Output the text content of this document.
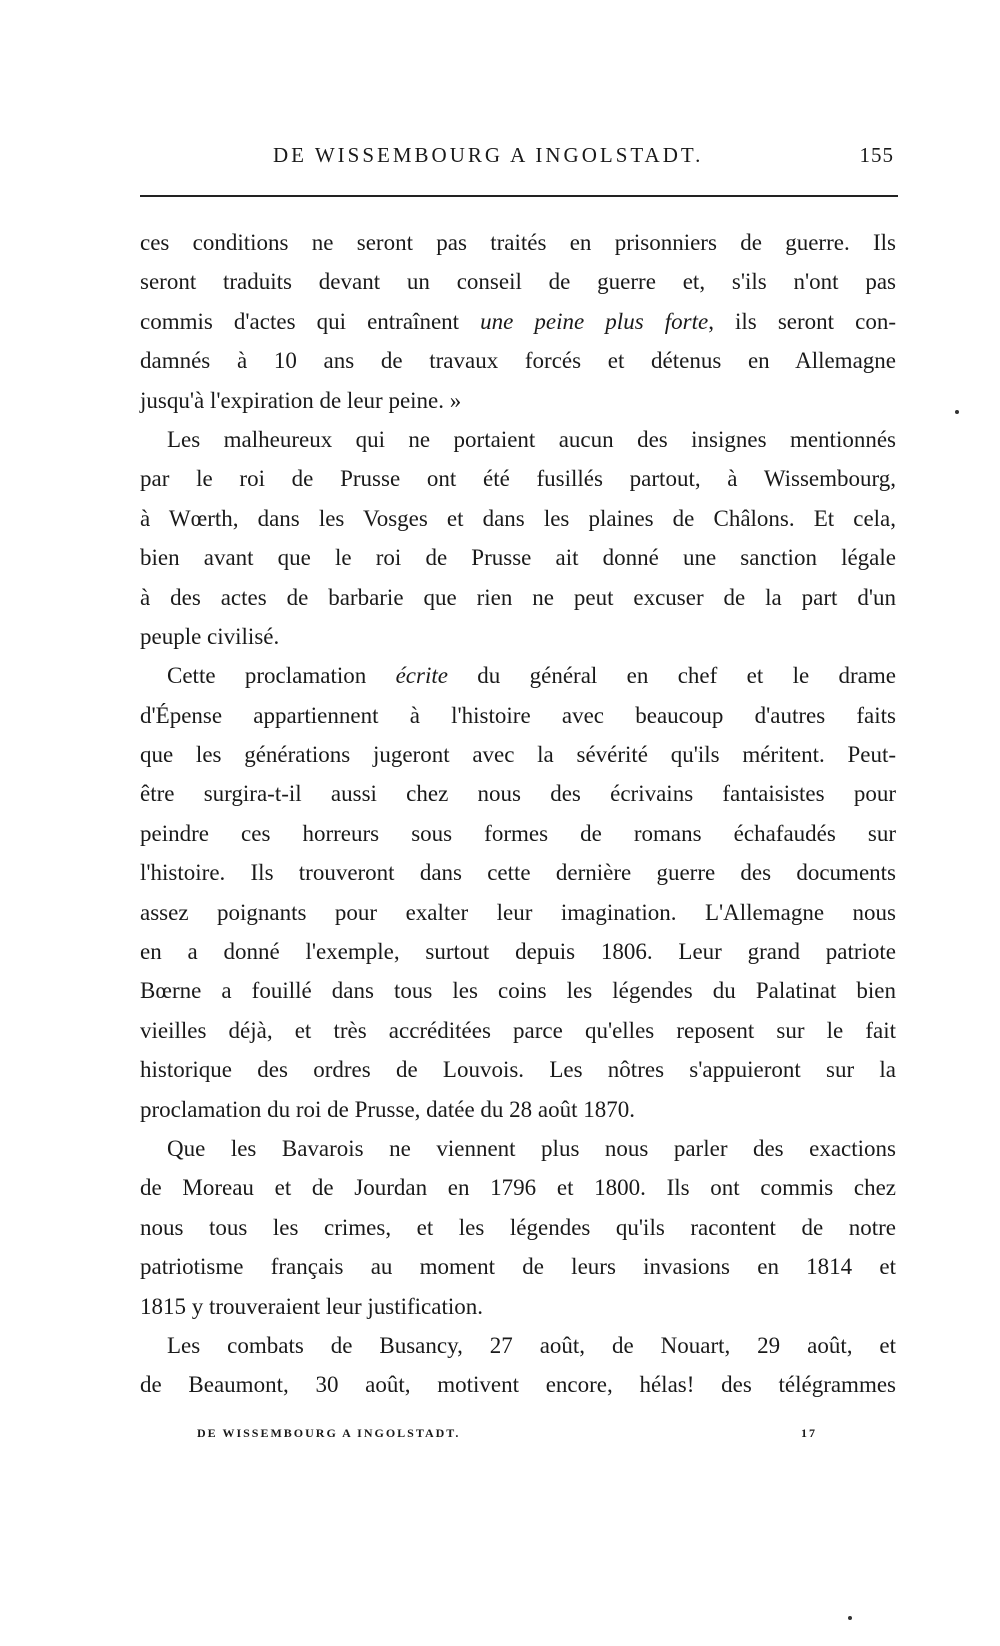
DE WISSEMBOURG A INGOLSTADT.	155
ces conditions ne seront pas traités en prisonniers de guerre. Ils
seront traduits devant un conseil de guerre et, s'ils n'ont pas
commis d'actes qui entraînent une peine plus forte, ils seront con-
damnés à 10 ans de travaux forcés et détenus en Allemagne
jusqu'à l'expiration de leur peine. »
Les malheureux qui ne portaient aucun des insignes mentionnés
par le roi de Prusse ont été fusillés partout, à Wissembourg,
à Wœrth, dans les Vosges et dans les plaines de Châlons. Et cela,
bien avant que le roi de Prusse ait donné une sanction légale
à des actes de barbarie que rien ne peut excuser de la part d'un
peuple civilisé.
Cette proclamation écrite du général en chef et le drame
d'Épense appartiennent à l'histoire avec beaucoup d'autres faits
que les générations jugeront avec la sévérité qu'ils méritent. Peut-
être surgira-t-il aussi chez nous des écrivains fantaisistes pour
peindre ces horreurs sous formes de romans échafaudés sur
l'histoire. Ils trouveront dans cette dernière guerre des documents
assez poignants pour exalter leur imagination. L'Allemagne nous
en a donné l'exemple, surtout depuis 1806. Leur grand patriote
Bœrne a fouillé dans tous les coins les légendes du Palatinat bien
vieilles déjà, et très accréditées parce qu'elles reposent sur le fait
historique des ordres de Louvois. Les nôtres s'appuieront sur la
proclamation du roi de Prusse, datée du 28 août 1870.
Que les Bavarois ne viennent plus nous parler des exactions
de Moreau et de Jourdan en 1796 et 1800. Ils ont commis chez
nous tous les crimes, et les légendes qu'ils racontent de notre
patriotisme français au moment de leurs invasions en 1814 et
1815 y trouveraient leur justification.
Les combats de Busancy, 27 août, de Nouart, 29 août, et
de Beaumont, 30 août, motivent encore, hélas! des télégrammes
DE WISSEMBOURG A INGOLSTADT.	17
